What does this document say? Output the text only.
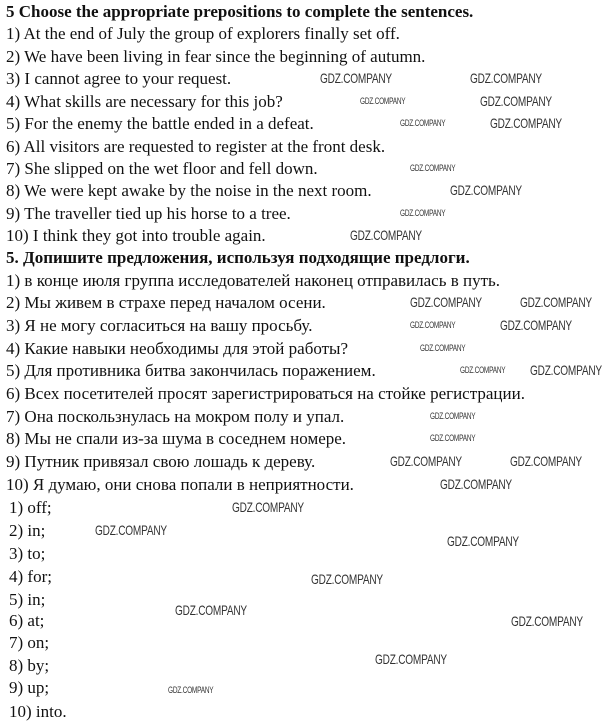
5 Choose the appropriate prepositions to complete the sentences.
1) At the end of July the group of explorers finally set off.
2) We have been living in fear since the beginning of autumn.
3) I cannot agree to your request.
4) What skills are necessary for this job?
5) For the enemy the battle ended in a defeat.
6) All visitors are requested to register at the front desk.
7) She slipped on the wet floor and fell down.
8) We were kept awake by the noise in the next room.
9) The traveller tied up his horse to a tree.
10) I think they got into trouble again.
5. Допишите предложения, используя подходящие предлоги.
1) в конце июля группа исследователей наконец отправилась в путь.
2) Мы живем в страхе перед началом осени.
3) Я не могу согласиться на вашу просьбу.
4) Какие навыки необходимы для этой работы?
5) Для противника битва закончилась поражением.
6) Всех посетителей просят зарегистрироваться на стойке регистрации.
7) Она поскользнулась на мокром полу и упал.
8) Мы не спали из-за шума в соседнем номере.
9) Путник привязал свою лошадь к дереву.
10) Я думаю, они снова попали в неприятности.
1) off;
2) in;
3) to;
4) for;
5) in;
6) at;
7) on;
8) by;
9) up;
10) into.
GDZ.COMPANY	GDZ.COMPANY
GDZ.COMPANY	GDZ.COMPANY
GDZ.COMPANY	GDZ.COMPANY
GDZ.COMPANY
GDZ.COMPANY
GDZ.COMPANY
GDZ.COMPANY
GDZ.COMPANY	GDZ.COMPANY
GDZ.COMPANY	GDZ.COMPANY
GDZ.COMPANY
GDZ.COMPANY GDZ.COMPANY
GDZ.COMPANY
GDZ.COMPANY
GDZ.COMPANY	GDZ.COMPANY
GDZ.COMPANY
GDZ.COMPANY
GDZ.COMPANY
GDZ.COMPANY
GDZ.COMPANY
GDZ.COMPANY
GDZ.COMPANY
GDZ.COMPANY
GDZ.COMPANY
